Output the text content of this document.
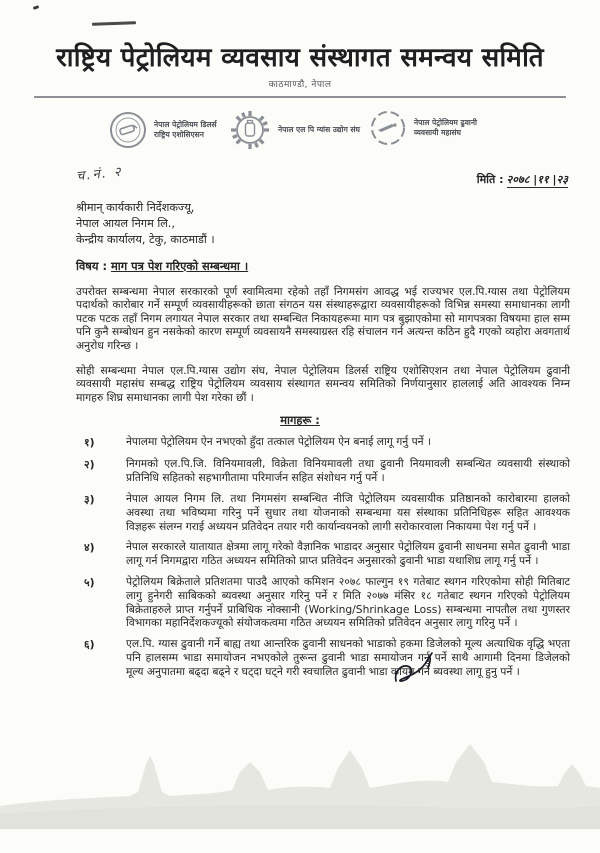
राष्ट्रिय पेट्रोलियम व्यवसाय संस्थागत समन्वय समिति
काठमाण्डौ, नेपाल
नेपाल पेट्रोलियम डिलर्स
राष्ट्रिय एशोसिएसन
नेपाल एल पि ग्यांस उद्योग संघ
नेपाल पेट्रोलियम ढुवानी
व्यवसायी महासंघ
च.नं. २	मिति : २०७८ |११ |२३
श्रीमान् कार्यकारी निर्देशकज्यू,
नेपाल आयल निगम लि.,
केन्द्रीय कार्यालय, टेकु, काठमाडौं ।
विषय : माग पत्र पेश गरिएको सम्बन्धमा ।
उपरोक्त सम्बन्धमा नेपाल सरकारको पूर्ण स्वामित्वमा रहेको तहाँ निगमसंग आवद्ध भई राज्यभर एल.पि.ग्यास तथा पेट्रोलियम पदार्थको कारोबार गर्ने सम्पूर्ण व्यवसायीहरूको छाता संगठन यस संस्थाहरूद्वारा व्यवसायीहरूको विभिन्न समस्या समाधानका लागी पटक पटक तहाँ निगम लगायत नेपाल सरकार तथा सम्बन्धित निकायहरूमा माग पत्र बुझाएकोमा सो मागपत्रका विषयमा हाल सम्म पनि कुनै सम्बोधन हुन नसकेको कारण सम्पूर्ण व्यवसायनै समस्याग्रस्त रहि संचालन गर्न अत्यन्त कठिन हुदै गएको व्यहोरा अवगतार्थ अनुरोध गरिन्छ ।
सोही सम्बन्धमा नेपाल एल.पि.ग्यास उद्योग संघ, नेपाल पेट्रोलियम डिलर्स राष्ट्रिय एशोसिएशन तथा नेपाल पेट्रोलियम ढुवानी व्यवसायी महासंघ सम्बद्ध राष्ट्रिय पेट्रोलियम व्यवसाय संस्थागत समन्वय समितिको निर्णयानुसार हाललाई अति आवश्यक निम्न मागहरु शिघ्र समाधानका लागी पेश गरेका छौं ।
मागहरू :
१)	नेपालमा पेट्रोलियम ऐन नभएको हुँदा तत्काल पेट्रोलियम ऐन बनाई लागू गर्नु पर्ने ।
२)	निगमको एल.पि.जि. विनियमावली, विक्रेता विनियमावली तथा ढुवानी नियमावली सम्बन्धित व्यवसायी संस्थाको प्रतिनिधि सहितको सहभागीतामा परिमार्जन सहित संशोधन गर्नु पर्ने ।
३)	नेपाल आयल निगम लि. तथा निगमसंग सम्बन्धित नीजि पेट्रोलियम व्यवसायीक प्रतिष्ठानको कारोबारमा हालको अवस्था तथा भविष्यमा गरिनु पर्ने सुधार तथा योजनाको सम्बन्धमा यस संस्थाका प्रतिनिधिहरू सहित आवश्यक विज्ञहरू संलग्न गराई अध्ययन प्रतिवेदन तयार गरी कार्यान्वयनको लागी सरोकारवाला निकायमा पेश गर्नु पर्ने ।
४)	नेपाल सरकारले यातायात क्षेत्रमा लागू गरेको वैज्ञानिक भाडादर अनुसार पेट्रोलियम ढुवानी साधनमा समेत ढुवानी भाडा लागू गर्न निगमद्वारा गठित अध्ययन समितिको प्राप्त प्रतिवेदन अनुसारको ढुवानी भाडा यथाशिघ्र लागू गर्नु पर्ने ।
५)	पेट्रोलियम बिक्रेताले प्रतिशतमा पाउदै आएको कमिशन २०७८ फाल्गुन १९ गतेबाट स्थगन गरिएकोमा सोही मितिबाट लागु हुनेगरी साबिकको ब्यवस्था अनुसार गरिनु पर्ने र मिति २०७७ मंसिर १८ गतेबाट स्थगन गरिएको पेट्रोलियम बिक्रेताहरुले प्राप्त गर्नुपर्ने प्राबिधिक नोक्सानी (Working/Shrinkage Loss) सम्बन्धमा नापतौल तथा गुणस्तर विभागका महानिर्देशकज्यूको संयोजकत्वमा गठित अध्ययन समितिको प्रतिवेदन अनुसार लागु गरिनु पर्ने ।
६)	एल.पि. ग्यास ढुवानी गर्ने बाह्य तथा आन्तरिक ढुवानी साधनको भाडाको हकमा डिजेलको मूल्य अत्याधिक वृद्धि भएता पनि हालसम्म भाडा समायोजन नभएकोले तुरून्त ढुवानी भाडा समायोजन गर्नु पर्ने साथै आगामी दिनमा डिजेलको मूल्य अनुपातमा बढ्दा बढ्ने र घट्दा घट्ने गरी स्वचालित ढुवानी भाडा कायम गर्ने ब्यवस्था लागू हुनु पर्ने ।
